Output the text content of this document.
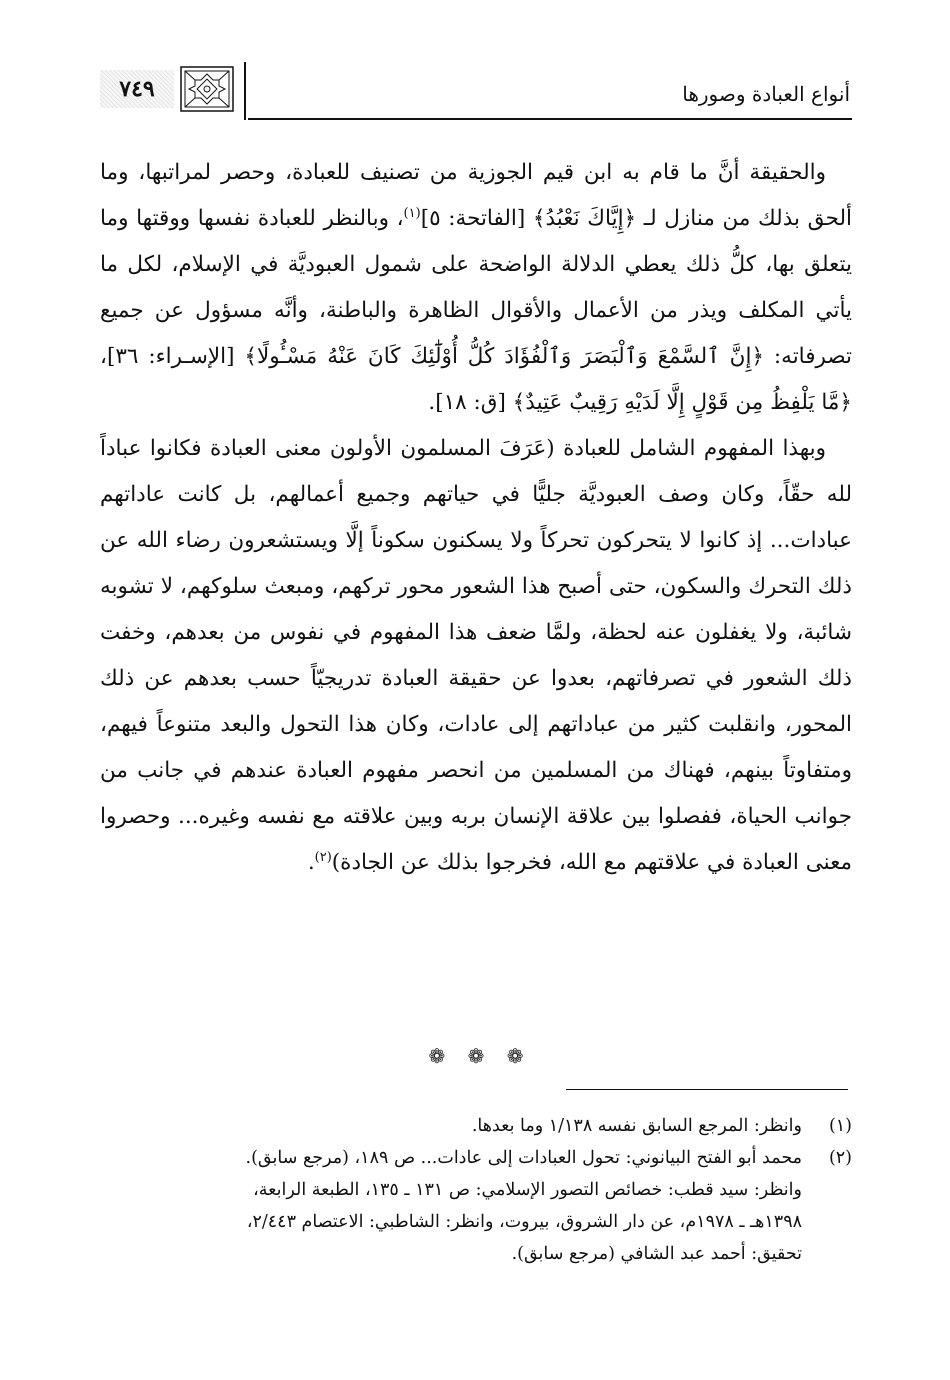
٧٤٩	أنواع العبادة وصورها

والحقيقة أنَّ ما قام به ابن قيم الجوزية من تصنيف للعبادة، وحصر لمراتبها، وما ألحق بذلك من منازل لـ ﴿إِيَّاكَ نَعْبُدُ﴾ [الفاتحة: ٥]$^{(١)}$، وبالنظر للعبادة نفسها ووقتها وما يتعلق بها، كلُّ ذلك يعطي الدلالة الواضحة على شمول العبوديَّة في الإسلام، لكل ما يأتي المكلف ويذر من الأعمال والأقوال الظاهرة والباطنة، وأنَّه مسؤول عن جميع تصرفاته: ﴿إِنَّ ٱلسَّمْعَ وَٱلْبَصَرَ وَٱلْفُؤَادَ كُلُّ أُوْلَٰٓئِكَ كَانَ عَنْهُ مَسْـُٔولًا﴾ [الإسـراء: ٣٦]، ﴿مَّا يَلْفِظُ مِن قَوْلٍ إِلَّا لَدَيْهِ رَقِيبٌ عَتِيدٌ﴾ [ق: ١٨].

وبهذا المفهوم الشامل للعبادة (عَرَفَ المسلمون الأولون معنى العبادة فكانوا عباداً لله حقّاً، وكان وصف العبوديَّة جليًّا في حياتهم وجميع أعمالهم، بل كانت عاداتهم عبادات... إذ كانوا لا يتحركون تحركاً ولا يسكنون سكوناً إلَّا ويستشعرون رضاء الله عن ذلك التحرك والسكون، حتى أصبح هذا الشعور محور تركهم، ومبعث سلوكهم، لا تشوبه شائبة، ولا يغفلون عنه لحظة، ولمَّا ضعف هذا المفهوم في نفوس من بعدهم، وخفت ذلك الشعور في تصرفاتهم، بعدوا عن حقيقة العبادة تدريجيّاً حسب بعدهم عن ذلك المحور، وانقلبت كثير من عباداتهم إلى عادات، وكان هذا التحول والبعد متنوعاً فيهم، ومتفاوتاً بينهم، فهناك من المسلمين من انحصر مفهوم العبادة عندهم في جانب من جوانب الحياة، ففصلوا بين علاقة الإنسان بربه وبين علاقته مع نفسه وغيره... وحصروا معنى العبادة في علاقتهم مع الله، فخرجوا بذلك عن الجادة)$^{(٢)}$.

❁ ❁ ❁
(١)
وانظر: المرجع السابق نفسه ١/١٣٨ وما بعدها.
(٢)
محمد أبو الفتح البيانوني: تحول العبادات إلى عادات... ص ١٨٩، (مرجع سابق).
وانظر: سيد قطب: خصائص التصور الإسلامي: ص ١٣١ ـ ١٣٥، الطبعة الرابعة،
١٣٩٨هـ ـ ١٩٧٨م، عن دار الشروق، بيروت، وانظر: الشاطبي: الاعتصام ٢/٤٤٣،
تحقيق: أحمد عبد الشافي (مرجع سابق).
